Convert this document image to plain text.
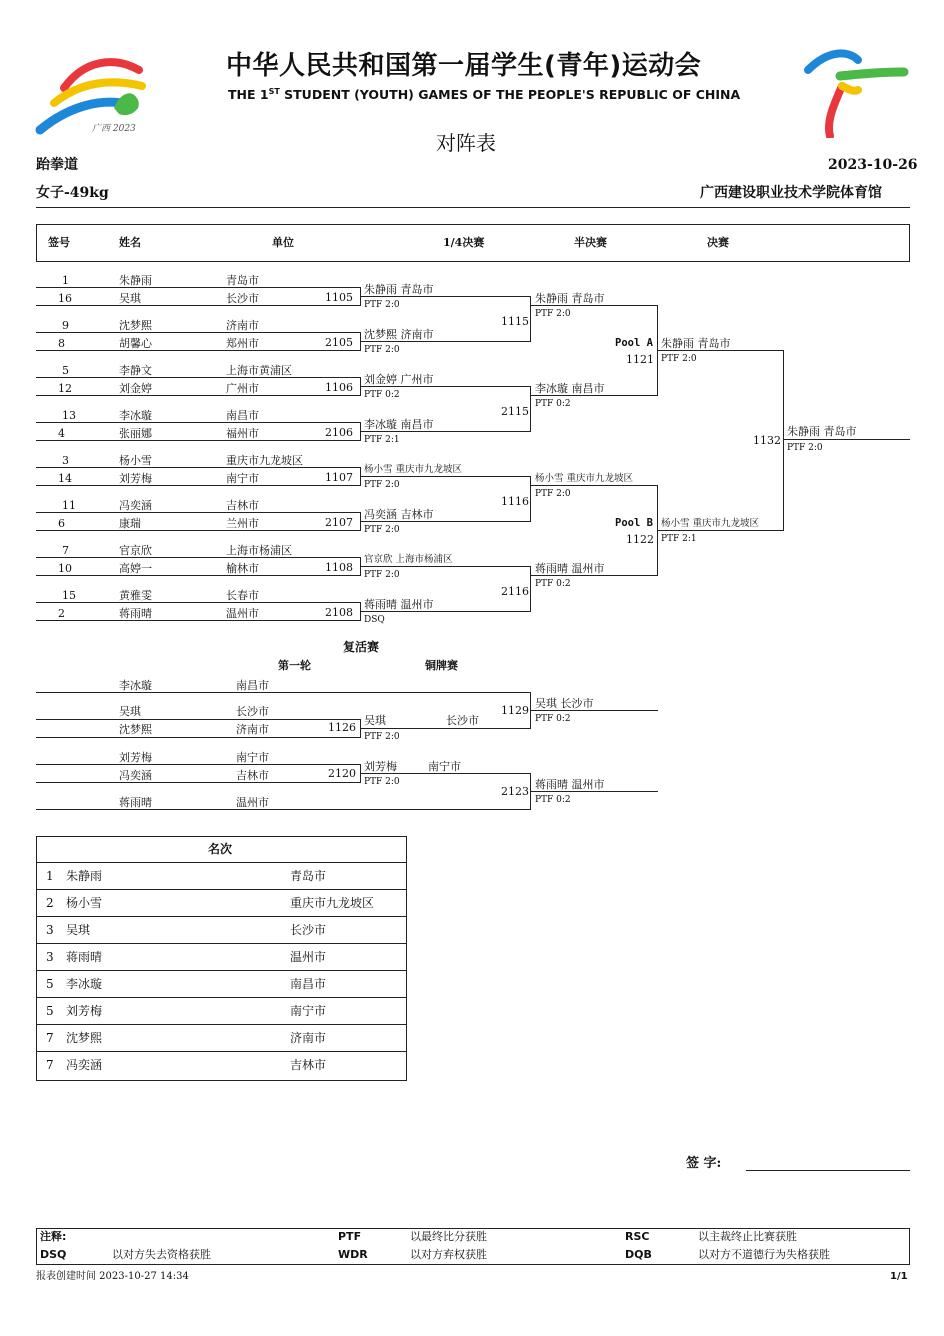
广西 2023
中华人民共和国第一届学生(青年)运动会
THE 1ST STUDENT (YOUTH) GAMES OF THE PEOPLE'S REPUBLIC OF CHINA
对阵表
跆拳道	2023-10-26
女子-49kg	广西建设职业技术学院体育馆
签号	姓名	单位	1/4决赛	半决赛	决赛
1	朱静雨	青岛市
16	吴琪	长沙市
9	沈梦熙	济南市
8	胡馨心	郑州市
5	李静文	上海市黄浦区
12	刘金婷	广州市
13	李冰璇	南昌市
4	张丽娜	福州市
3	杨小雪	重庆市九龙坡区
14	刘芳梅	南宁市
11	冯奕涵	吉林市
6	康瑞	兰州市
7	官京欣	上海市杨浦区
10	高婷一	榆林市
15	黄雅雯	长春市
2	蒋雨晴	温州市
1105
朱静雨 青岛市
PTF 2:0
2105
沈梦熙 济南市
PTF 2:0
1106
刘金婷 广州市
PTF 0:2
2106
李冰璇 南昌市
PTF 2:1
1107
杨小雪 重庆市九龙坡区
PTF 2:0
2107
冯奕涵 吉林市
PTF 2:0
1108
官京欣 上海市杨浦区
PTF 2:0
2108
蒋雨晴 温州市
DSQ
1115
朱静雨 青岛市
PTF 2:0
2115
李冰璇 南昌市
PTF 0:2
1116
杨小雪 重庆市九龙坡区
PTF 2:0
2116
蒋雨晴 温州市
PTF 0:2
Pool A
1121
朱静雨 青岛市
PTF 2:0
Pool B
1122
杨小雪 重庆市九龙坡区
PTF 2:1
1132
朱静雨 青岛市
PTF 2:0
复活赛
第一轮	铜牌赛
李冰璇	南昌市
吴琪	长沙市
沈梦熙	济南市	1126
吴琪	长沙市
PTF 2:0
1129
吴琪 长沙市
PTF 0:2
刘芳梅	南宁市
冯奕涵	吉林市	2120
刘芳梅	南宁市
PTF 2:0
蒋雨晴	温州市
2123
蒋雨晴 温州市
PTF 0:2
名次
1 朱静雨	青岛市
2 杨小雪	重庆市九龙坡区
3 吴琪	长沙市
3 蒋雨晴	温州市
5 李冰璇	南昌市
5 刘芳梅	南宁市
7 沈梦熙	济南市
7 冯奕涵	吉林市
签 字:
注释:	PTF	以最终比分获胜	RSC	以主裁终止比赛获胜
DSQ	以对方失去资格获胜	WDR	以对方弃权获胜	DQB	以对方不道德行为失格获胜
报表创建时间 2023-10-27 14:34	1/1
